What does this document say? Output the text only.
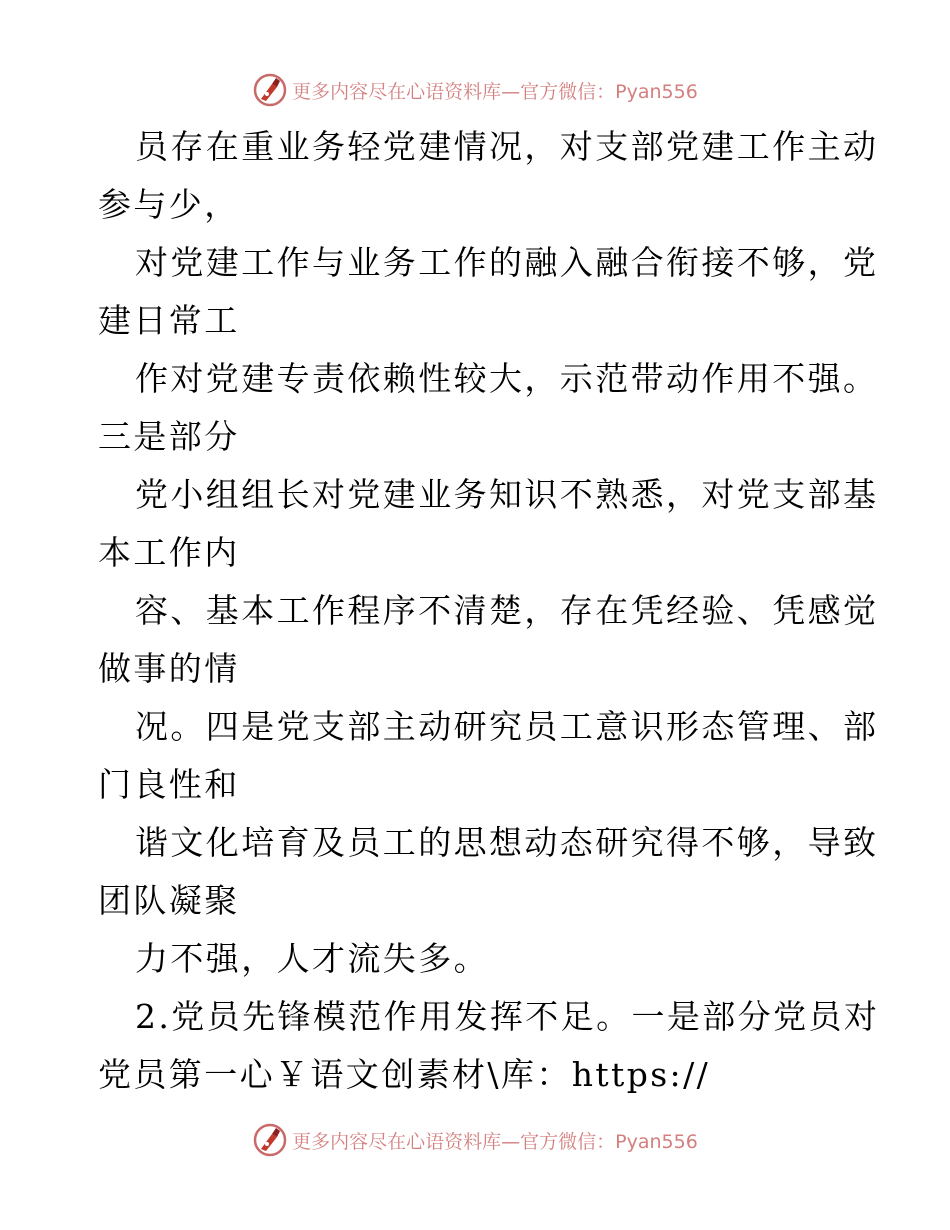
更多内容尽在心语资料库—官方微信：Pyan556
员存在重业务轻党建情况，对支部党建工作主动
参与少，
对党建工作与业务工作的融入融合衔接不够，党
建日常工
作对党建专责依赖性较大，示范带动作用不强。
三是部分
党小组组长对党建业务知识不熟悉，对党支部基
本工作内
容、基本工作程序不清楚，存在凭经验、凭感觉
做事的情
况。四是党支部主动研究员工意识形态管理、部
门良性和
谐文化培育及员工的思想动态研究得不够，导致
团队凝聚
力不强，人才流失多。
2.党员先锋模范作用发挥不足。一是部分党员对
党员第一心￥语文创素材\库：https://
更多内容尽在心语资料库—官方微信：Pyan556
